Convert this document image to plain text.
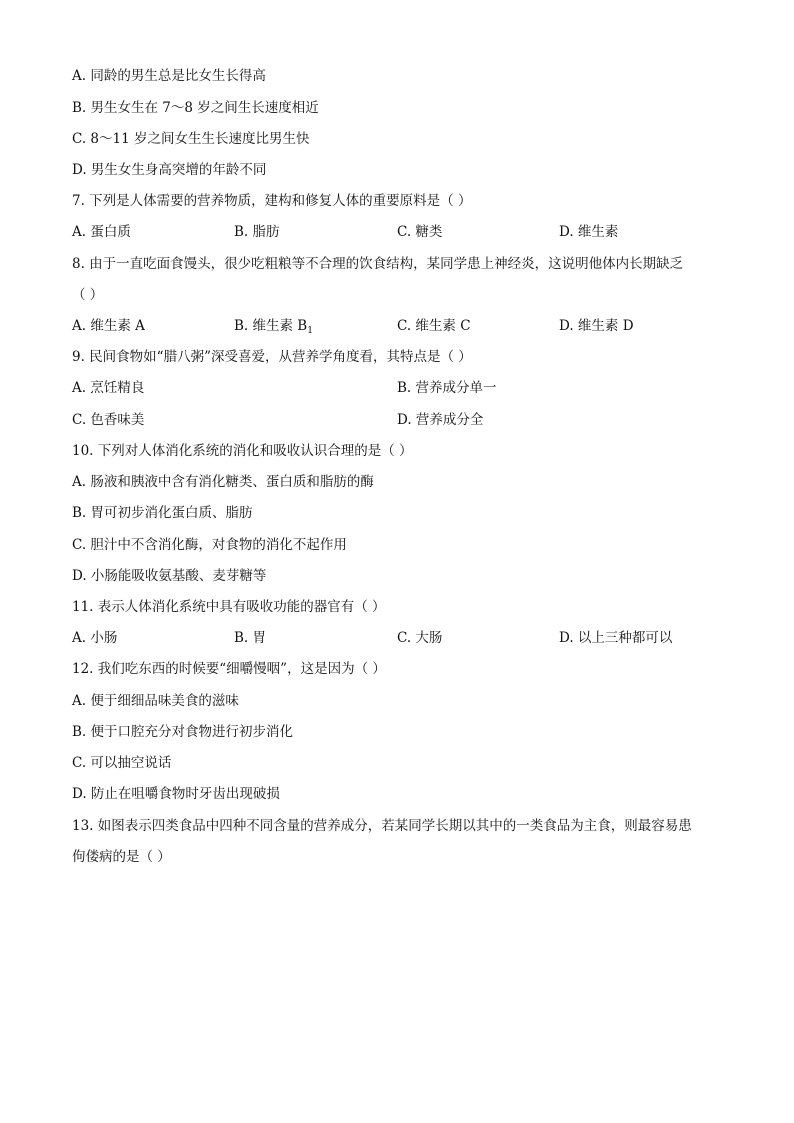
A. 同龄的男生总是比女生长得高
B. 男生女生在 7～8 岁之间生长速度相近
C. 8～11 岁之间女生生长速度比男生快
D. 男生女生身高突增的年龄不同
7. 下列是人体需要的营养物质，建构和修复人体的重要原料是（ ）
A. 蛋白质	B. 脂肪	C. 糖类	D. 维生素
8. 由于一直吃面食馒头，很少吃粗粮等不合理的饮食结构，某同学患上神经炎，这说明他体内长期缺乏
（ ）
A. 维生素 A	B. 维生素 $B_1$	C. 维生素 C	D. 维生素 D
9. 民间食物如“腊八粥”深受喜爱，从营养学角度看，其特点是（ ）
A. 烹饪精良	B. 营养成分单一
C. 色香味美	D. 营养成分全
10. 下列对人体消化系统的消化和吸收认识合理的是（ ）
A. 肠液和胰液中含有消化糖类、蛋白质和脂肪的酶
B. 胃可初步消化蛋白质、脂肪
C. 胆汁中不含消化酶，对食物的消化不起作用
D. 小肠能吸收氨基酸、麦芽糖等
11. 表示人体消化系统中具有吸收功能的器官有（ ）
A. 小肠	B. 胃	C. 大肠	D. 以上三种都可以
12. 我们吃东西的时候要“细嚼慢咽”，这是因为（ ）
A. 便于细细品味美食的滋味
B. 便于口腔充分对食物进行初步消化
C. 可以抽空说话
D. 防止在咀嚼食物时牙齿出现破损
13. 如图表示四类食品中四种不同含量的营养成分，若某同学长期以其中的一类食品为主食，则最容易患
佝偻病的是（ ）
